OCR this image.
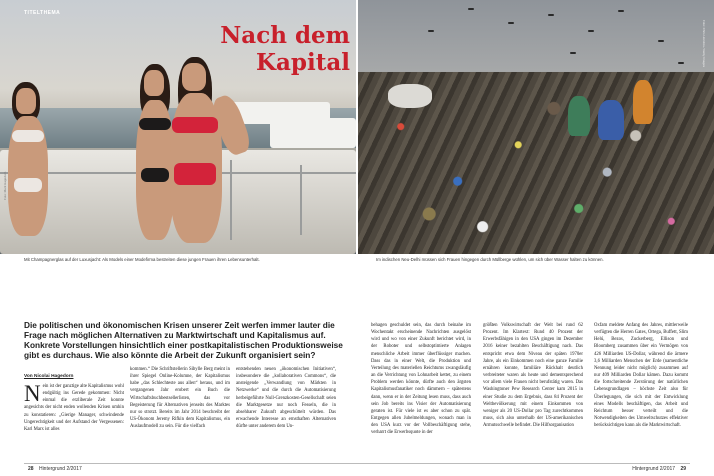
TITELTHEMA
Nach dem Kapital
Foto: Mark Hagedorn
Foto: Chris Hondros / Getty Images
Mit Champagnerglas auf der Luxusjacht: Als Models einer Modefirma bestreiten diese jungen Frauen ihren Lebensunterhalt.	Im indischen Neu-Delhi müssen sich Frauen hingegen durch Müllberge wühlen, um sich über Wasser halten zu können.

Die politischen und ökonomischen Krisen unserer Zeit werfen immer lauter die Frage nach möglichen Alternativen zu Marktwirtschaft und Kapitalismus auf. Konkrete Vorstellungen hinsichtlich einer postkapitalistischen Produktionsweise gibt es durchaus. Wie also könnte die Arbeit der Zukunft organisiert sein?

Von Nicolai Hagedorn

Nein ist der ganztige alte Kapitalismus wohl endgültig ins Gerede gekommen: Nicht einmal die erzliberale Zeit konnte angesichts der nicht enden wollenden Krisen umhin zu konstatieren: „Gierige Manager, schwindende Ungerechtigkeit und der Aufstand der Vergessenen: Karl Marx ist alles

kommen.“ Die Schriftstellerin Sibylle Berg meint in ihrer Spiegel Online-Kolumne, der Kapitalismus habe „das Schlechteste aus allen“ heraus, und im vergangenen Jahr erobert ein Buch die Wirtschaftsbuchbestsellerlisten, das vor Begeisterung für Alternativen jenseits des Marktes nur so strotzt. Bereits im Jahr 2014 beschreibt der US-Ökonom Jeremy Rifkin dem Kapitalismus, ein Auslaufmodell zu sein. Für die vielfach

entstehenden neuen „ökonomischen Initiativen“, insbesondere die „kollaborativen Commons“, die ansteigende „Verwandlung von Märkten in Netzwerke“ und die durch die Automatisierung herbeigeführte Null-Grenzkosten-Gesellschaft seien die Marktgesetze nur noch Fesseln, die in absehbarer Zukunft abgeschüttelt würden. Das erwachende Interesse an ernsthaften Alternativen dürfte unter anderem dem Un-

behagen geschuldet sein, das durch beinahe im Wochentakt erscheinende Nachrichten ausgelöst wird und wo von einer Zukunft berichtet wird, in der Roboter und selbstoptimierte Anlagen menschliche Arbeit immer überflüssiger machen. Dass das in einer Welt, die Produktion und Verteilung des materiellen Reichtums zwangsläufig an die Verrichtung von Lohnarbeit kettet, zu einem Problem werden könnte, dürfte auch den ärgsten Kapitalismusfanatiker noch dämmern – spätestens dann, wenn er in der Zeitung lesen muss, dass auch sein Job bereits ins Visier der Automatisierung geraten ist. Für viele ist es aber schon zu spät. Entgegen allen Jubelmeldungen, wonach man in den USA kurz vor der Vollbeschäftigung stehe, verharrt die Erwerbsquote in der

größten Volkswirtschaft der Welt bei rund 62 Prozent. Im Klartext: Rund 40 Prozent der Erwerbsfähigen in den USA gingen im Dezember 2016 keiner bezahlten Beschäftigung nach. Das entspricht etwa dem Niveau der späten 1970er Jahre, als ein Einkommen noch eine ganze Familie ernähren konnte, familiäre Rückhalt deutlich verbreiteter waren als heute und dementsprechend vor allem viele Frauen nicht berufstätig waren. Das Washingtoner Pew Research Center kam 2015 in einer Studie zu dem Ergebnis, dass 84 Prozent der Weltbevölkerung mit einem Einkommen von weniger als 20 US-Dollar pro Tag zurechtkommen muss, sich also unterhalb der US-amerikanischen Armutsschwelle befindet. Die Hilfsorganisation

Oxfam meldete Anfang des Jahres, mittlerweile verfügten die Herren Gates, Ortega, Buffett, Slim Helú, Bezos, Zuckerberg, Ellison und Bloomberg zusammen über ein Vermögen von 426 Milliarden US-Dollar, während die ärmere 3,6 Milliarden Menschen der Erde (namentliche Nennung leider nicht möglich) zusammen auf nur 409 Milliarden Dollar kämen. Dazu kommt die fortschreitende Zerstörung der natürlichen Lebensgrundlagen – höchste Zeit also für Überlegungen, die sich mit der Entwicklung eines Modells beschäftigen, das Arbeit und Reichtum besser verteilt und die Notwendigkeiten des Umweltschutzes effektiver berücksichtigen kann als die Marktwirtschaft.

28 Hintergrund 2/2017	Hintergrund 2/2017 29
